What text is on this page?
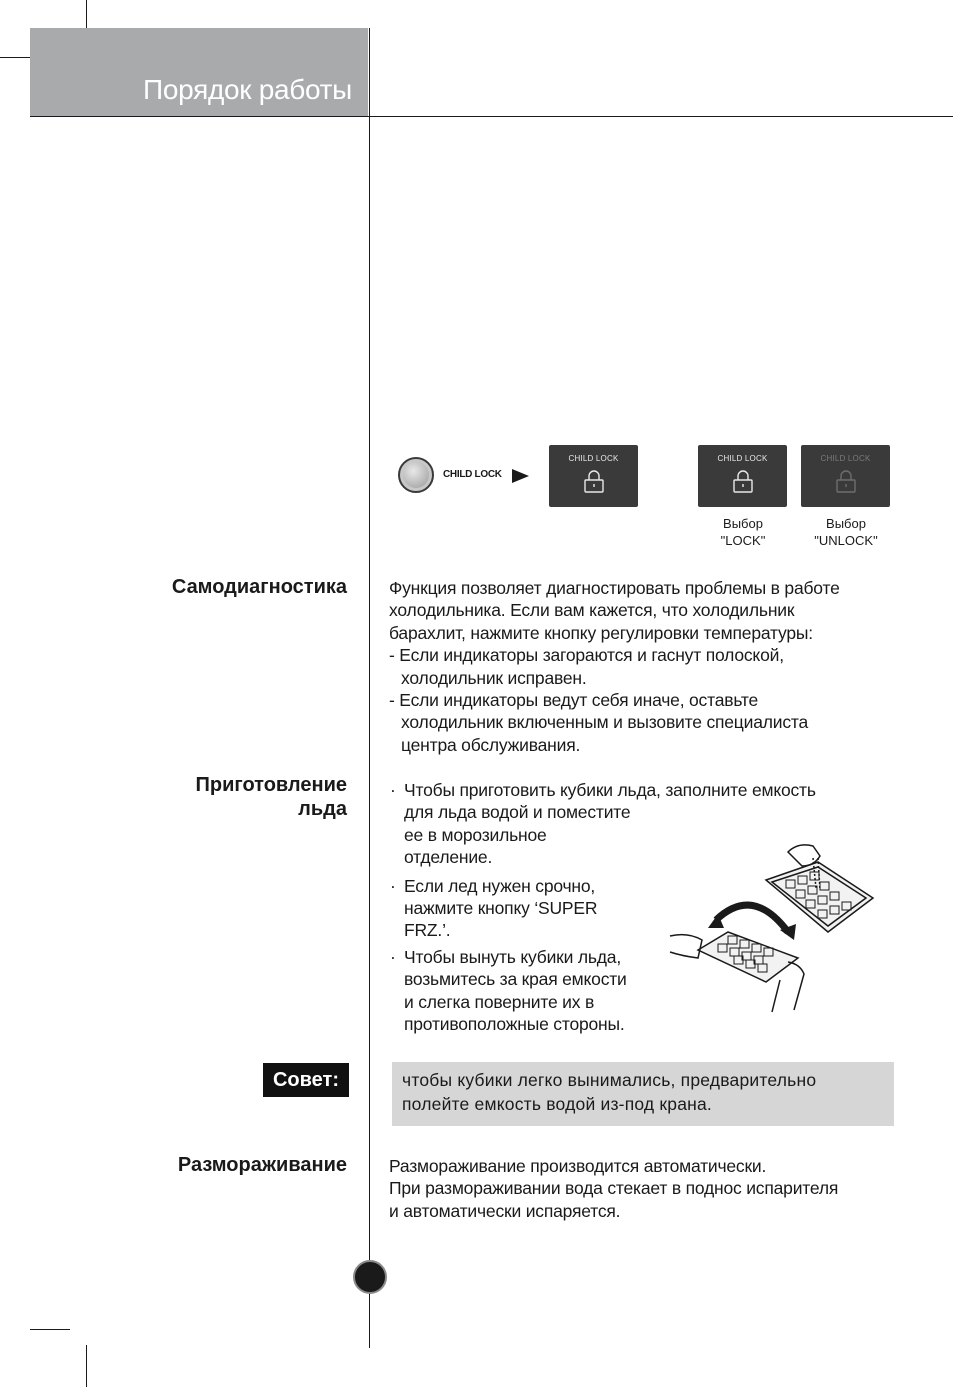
Порядок работы
CHILD LOCK
CHILD LOCK	CHILD LOCK	CHILD LOCK
Выбор
"LOCK"
Выбор
"UNLOCK"
Самодиагностика Функция позволяет диагностировать проблемы в работе
холодильника. Если вам кажется, что холодильник
барахлит, нажмите кнопку регулировки температуры:
- Если индикаторы загораются и гаснут полоской,
холодильник исправен.
- Если индикаторы ведут себя иначе, оставьте
холодильник включенным и вызовите специалиста
центра обслуживания.
Приготовление
льда
· Чтобы приготовить кубики льда, заполните емкость
для льда водой и поместите
ее в морозильное
отделение.
· Если лед нужен срочно,
нажмите кнопку ‘SUPER
FRZ.’.
· Чтобы вынуть кубики льда,
возьмитесь за края емкости
и слегка поверните их в
противоположные стороны.
Совет:	чтобы кубики легко вынимались, предварительно
полейте емкость водой из-под крана.
Размораживание Размораживание производится автоматически.
При размораживании вода стекает в поднос испарителя
и автоматически испаряется.
